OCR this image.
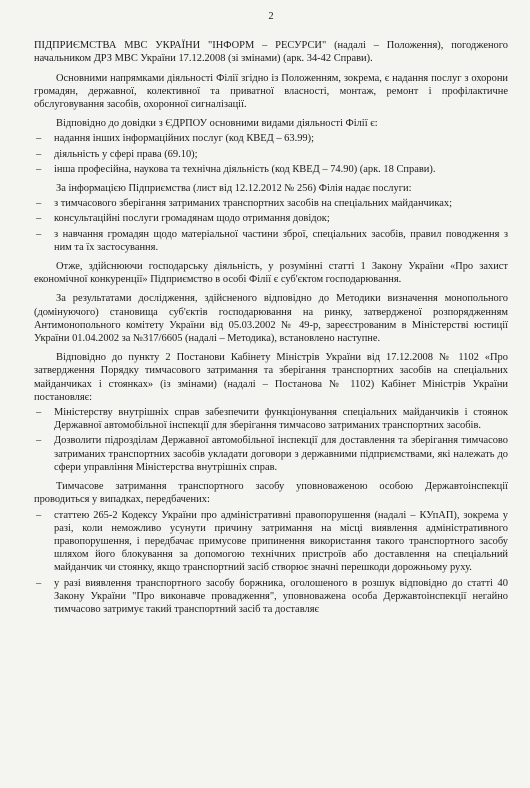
2

ПІДПРИЄМСТВА МВС УКРАЇНИ "ІНФОРМ – РЕСУРСИ" (надалі – Положення), погодженого начальником ДРЗ МВС України 17.12.2008 (зі змінами) (арк. 34-42 Справи).

Основними напрямками діяльності Філії згідно із Положенням, зокрема, є надання послуг з охорони громадян, державної, колективної та приватної власності, монтаж, ремонт і профілактичне обслуговування засобів, охоронної сигналізації.

Відповідно до довідки з ЄДРПОУ основними видами діяльності Філії є:

– надання інших інформаційних послуг (код КВЕД – 63.99);
– діяльність у сфері права (69.10);
– інша професійна, наукова та технічна діяльність (код КВЕД – 74.90) (арк. 18 Справи).

За інформацією Підприємства (лист від 12.12.2012 № 256) Філія надає послуги:

– з тимчасового зберігання затриманих транспортних засобів на спеціальних майданчиках;
– консультаційні послуги громадянам щодо отримання довідок;
– з навчання громадян щодо матеріальної частини зброї, спеціальних засобів, правил поводження з ним та їх застосування.

Отже, здійснюючи господарську діяльність, у розумінні статті 1 Закону України «Про захист економічної конкуренції» Підприємство в особі Філії є суб'єктом господарювання.

За результатами дослідження, здійсненого відповідно до Методики визначення монопольного (домінуючого) становища суб'єктів господарювання на ринку, затвердженої розпорядженням Антимонопольного комітету України від 05.03.2002 № 49-р, зареєстрованим в Міністерстві юстиції України 01.04.2002 за №317/6605 (надалі – Методика), встановлено наступне.

Відповідно до пункту 2 Постанови Кабінету Міністрів України від 17.12.2008 № 1102 «Про затвердження Порядку тимчасового затримання та зберігання транспортних засобів на спеціальних майданчиках і стоянках» (із змінами) (надалі – Постанова № 1102) Кабінет Міністрів України постановляє:

– Міністерству внутрішніх справ забезпечити функціонування спеціальних майданчиків і стоянок Державної автомобільної інспекції для зберігання тимчасово затриманих транспортних засобів.
– Дозволити підрозділам Державної автомобільної інспекції для доставлення та зберігання тимчасово затриманих транспортних засобів укладати договори з державними підприємствами, які належать до сфери управління Міністерства внутрішніх справ.

Тимчасове затримання транспортного засобу уповноваженою особою Державтоінспекції проводиться у випадках, передбачених:

– статтею 265-2 Кодексу України про адміністративні правопорушення (надалі – КУпАП), зокрема у разі, коли неможливо усунути причину затримання на місці виявлення адміністративного правопорушення, і передбачає примусове припинення використання такого транспортного засобу шляхом його блокування за допомогою технічних пристроїв або доставлення на спеціальний майданчик чи стоянку, якщо транспортний засіб створює значні перешкоди дорожньому руху.
– у разі виявлення транспортного засобу боржника, оголошеного в розшук відповідно до статті 40 Закону України "Про виконавче провадження", уповноважена особа Державтоінспекції негайно тимчасово затримує такий транспортний засіб та доставляє
